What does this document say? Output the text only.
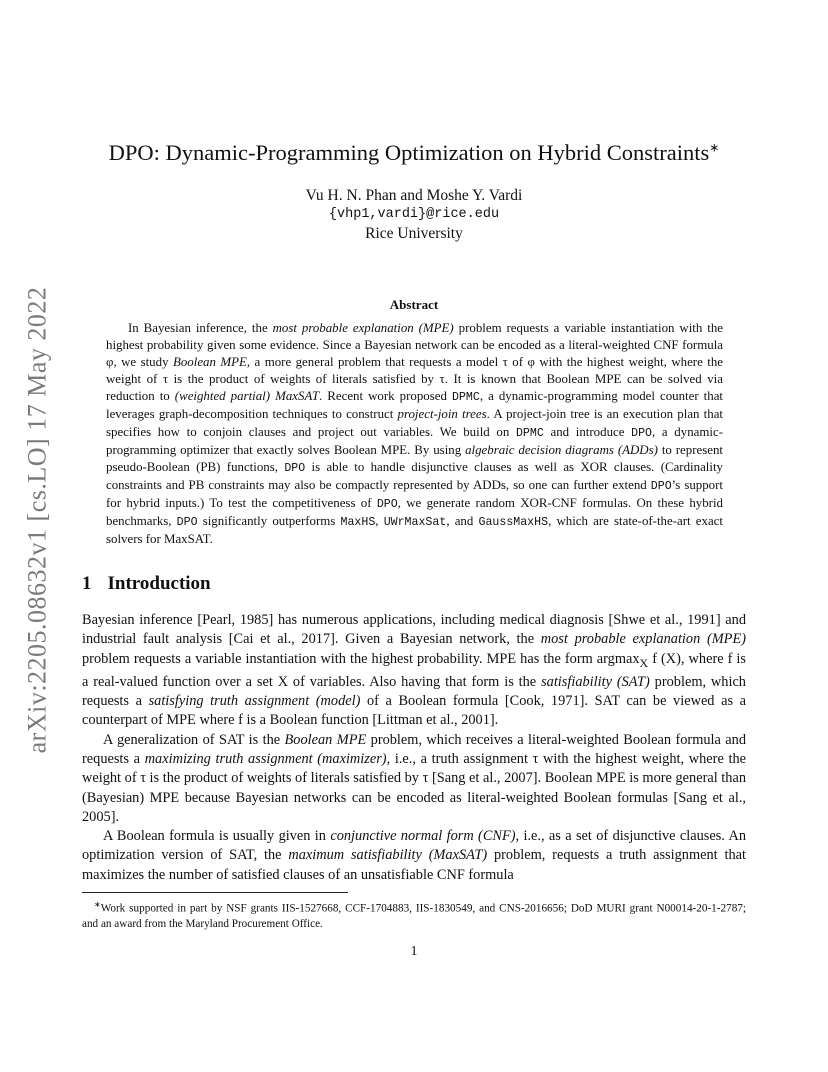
arXiv:2205.08632v1 [cs.LO] 17 May 2022
DPO: Dynamic-Programming Optimization on Hybrid Constraints∗
Vu H. N. Phan and Moshe Y. Vardi
{vhp1,vardi}@rice.edu
Rice University
Abstract
In Bayesian inference, the most probable explanation (MPE) problem requests a variable instantiation with the highest probability given some evidence. Since a Bayesian network can be encoded as a literal-weighted CNF formula φ, we study Boolean MPE, a more general problem that requests a model τ of φ with the highest weight, where the weight of τ is the product of weights of literals satisfied by τ. It is known that Boolean MPE can be solved via reduction to (weighted partial) MaxSAT. Recent work proposed DPMC, a dynamic-programming model counter that leverages graph-decomposition techniques to construct project-join trees. A project-join tree is an execution plan that specifies how to conjoin clauses and project out variables. We build on DPMC and introduce DPO, a dynamic-programming optimizer that exactly solves Boolean MPE. By using algebraic decision diagrams (ADDs) to represent pseudo-Boolean (PB) functions, DPO is able to handle disjunctive clauses as well as XOR clauses. (Cardinality constraints and PB constraints may also be compactly represented by ADDs, so one can further extend DPO’s support for hybrid inputs.) To test the competitiveness of DPO, we generate random XOR-CNF formulas. On these hybrid benchmarks, DPO significantly outperforms MaxHS, UWrMaxSat, and GaussMaxHS, which are state-of-the-art exact solvers for MaxSAT.
1 Introduction

Bayesian inference [Pearl, 1985] has numerous applications, including medical diagnosis [Shwe et al., 1991] and industrial fault analysis [Cai et al., 2017]. Given a Bayesian network, the most probable explanation (MPE) problem requests a variable instantiation with the highest probability. MPE has the form argmax$_X$ f (X), where f is a real-valued function over a set X of variables. Also having that form is the satisfiability (SAT) problem, which requests a satisfying truth assignment (model) of a Boolean formula [Cook, 1971]. SAT can be viewed as a counterpart of MPE where f is a Boolean function [Littman et al., 2001].

A generalization of SAT is the Boolean MPE problem, which receives a literal-weighted Boolean formula and requests a maximizing truth assignment (maximizer), i.e., a truth assignment τ with the highest weight, where the weight of τ is the product of weights of literals satisfied by τ [Sang et al., 2007]. Boolean MPE is more general than (Bayesian) MPE because Bayesian networks can be encoded as literal-weighted Boolean formulas [Sang et al., 2005].

A Boolean formula is usually given in conjunctive normal form (CNF), i.e., as a set of disjunctive clauses. An optimization version of SAT, the maximum satisfiability (MaxSAT) problem, requests a truth assignment that maximizes the number of satisfied clauses of an unsatisfiable CNF formula

∗Work supported in part by NSF grants IIS-1527668, CCF-1704883, IIS-1830549, and CNS-2016656; DoD MURI grant N00014-20-1-2787; and an award from the Maryland Procurement Office.
1
